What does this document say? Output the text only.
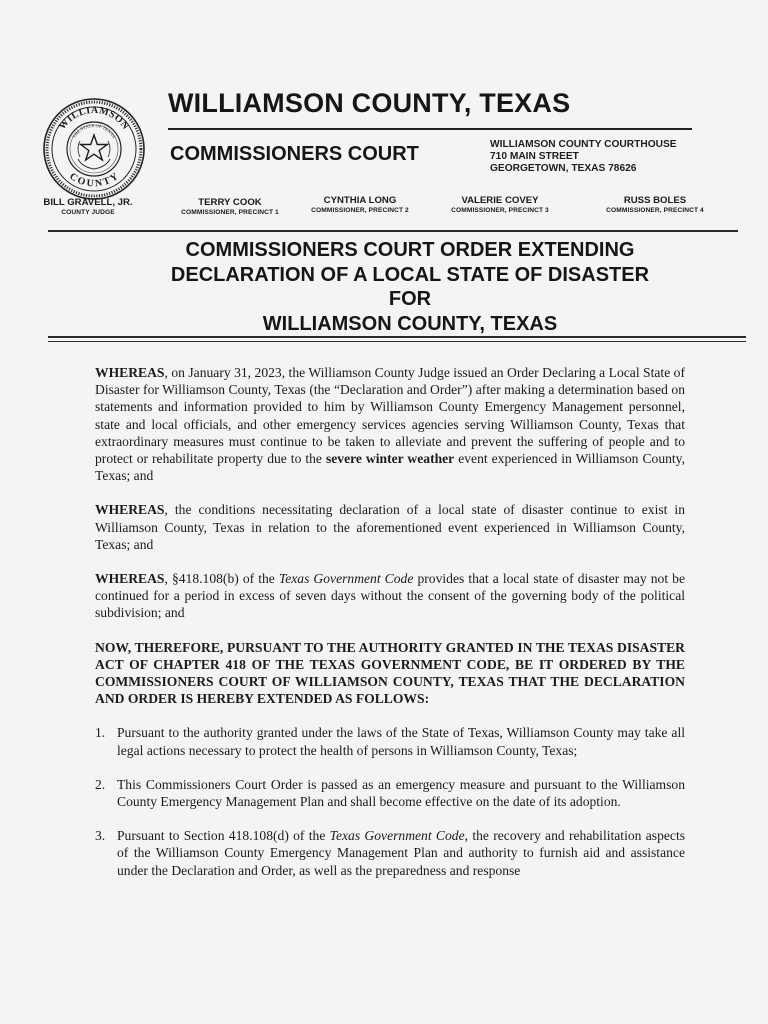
WILLIAMSON
COUNTY
THE STATE OF TEXAS
WILLIAMSON COUNTY, TEXAS
COMMISSIONERS COURT	WILLIAMSON COUNTY COURTHOUSE
710 MAIN STREET
GEORGETOWN, TEXAS 78626
BILL GRAVELL, JR.
COUNTY JUDGE
TERRY COOK
COMMISSIONER, PRECINCT 1
CYNTHIA LONG
COMMISSIONER, PRECINCT 2
VALERIE COVEY
COMMISSIONER, PRECINCT 3
RUSS BOLES
COMMISSIONER, PRECINCT 4
COMMISSIONERS COURT ORDER EXTENDING
DECLARATION OF A LOCAL STATE OF DISASTER
FOR
WILLIAMSON COUNTY, TEXAS

WHEREAS, on January 31, 2023, the Williamson County Judge issued an Order Declaring a Local State of Disaster for Williamson County, Texas (the “Declaration and Order”) after making a determination based on statements and information provided to him by Williamson County Emergency Management personnel, state and local officials, and other emergency services agencies serving Williamson County, Texas that extraordinary measures must continue to be taken to alleviate and prevent the suffering of people and to protect or rehabilitate property due to the severe winter weather event experienced in Williamson County, Texas; and

WHEREAS, the conditions necessitating declaration of a local state of disaster continue to exist in Williamson County, Texas in relation to the aforementioned event experienced in Williamson County, Texas; and

WHEREAS, §418.108(b) of the Texas Government Code provides that a local state of disaster may not be continued for a period in excess of seven days without the consent of the governing body of the political subdivision; and

NOW, THEREFORE, PURSUANT TO THE AUTHORITY GRANTED IN THE TEXAS DISASTER ACT OF CHAPTER 418 OF THE TEXAS GOVERNMENT CODE, BE IT ORDERED BY THE COMMISSIONERS COURT OF WILLIAMSON COUNTY, TEXAS THAT THE DECLARATION AND ORDER IS HEREBY EXTENDED AS FOLLOWS:

1. Pursuant to the authority granted under the laws of the State of Texas, Williamson County may take all legal actions necessary to protect the health of persons in Williamson County, Texas;
2. This Commissioners Court Order is passed as an emergency measure and pursuant to the Williamson County Emergency Management Plan and shall become effective on the date of its adoption.
3. Pursuant to Section 418.108(d) of the Texas Government Code, the recovery and rehabilitation aspects of the Williamson County Emergency Management Plan and authority to furnish aid and assistance under the Declaration and Order, as well as the preparedness and response
